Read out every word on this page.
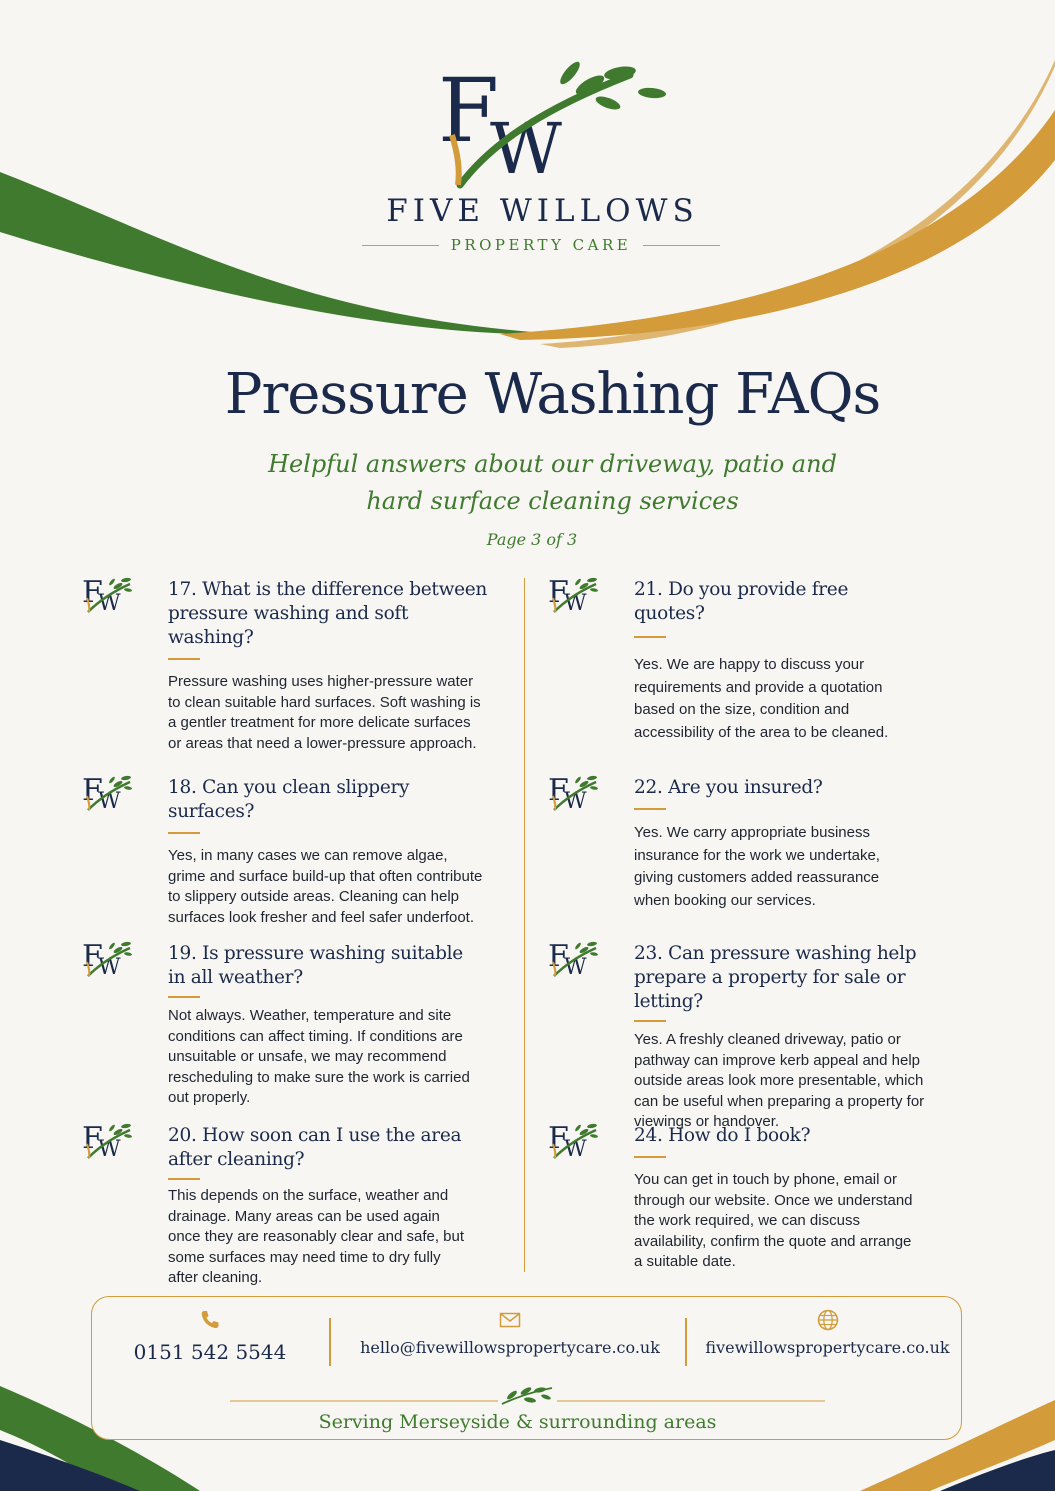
F
W
FIVE WILLOWS
PROPERTY CARE
Pressure Washing FAQs
Helpful answers about our driveway, patio and
hard surface cleaning services
Page 3 of 3
F
W

17. What is the difference between
pressure washing and soft washing?

Pressure washing uses higher-pressure water to clean suitable hard surfaces. Soft washing is a gentler treatment for more delicate surfaces or areas that need a lower-pressure approach.

F
W

18. Can you clean slippery surfaces?

Yes, in many cases we can remove algae, grime and surface build-up that often contribute to slippery outside areas. Cleaning can help surfaces look fresher and feel safer underfoot.

F
W

19. Is pressure washing suitable
in all weather?

Not always. Weather, temperature and site conditions can affect timing. If conditions are unsuitable or unsafe, we may recommend rescheduling to make sure the work is carried out properly.

F
W

20. How soon can I use the area
after cleaning?

This depends on the surface, weather and drainage. Many areas can be used again once they are reasonably clear and safe, but some surfaces may need time to dry fully after cleaning.

F
W

21. Do you provide free quotes?

Yes. We are happy to discuss your requirements and provide a quotation based on the size, condition and accessibility of the area to be cleaned.

F
W

22. Are you insured?

Yes. We carry appropriate business insurance for the work we undertake, giving customers added reassurance when booking our services.

F
W

23. Can pressure washing help
prepare a property for sale or letting?

Yes. A freshly cleaned driveway, patio or pathway can improve kerb appeal and help outside areas look more presentable, which can be useful when preparing a property for viewings or handover.

F
W

24. How do I book?

You can get in touch by phone, email or through our website. Once we understand the work required, we can discuss availability, confirm the quote and arrange a suitable date.

0151 542 5544	hello@fivewillowspropertycare.co.uk	fivewillowspropertycare.co.uk
Serving Merseyside & surrounding areas
